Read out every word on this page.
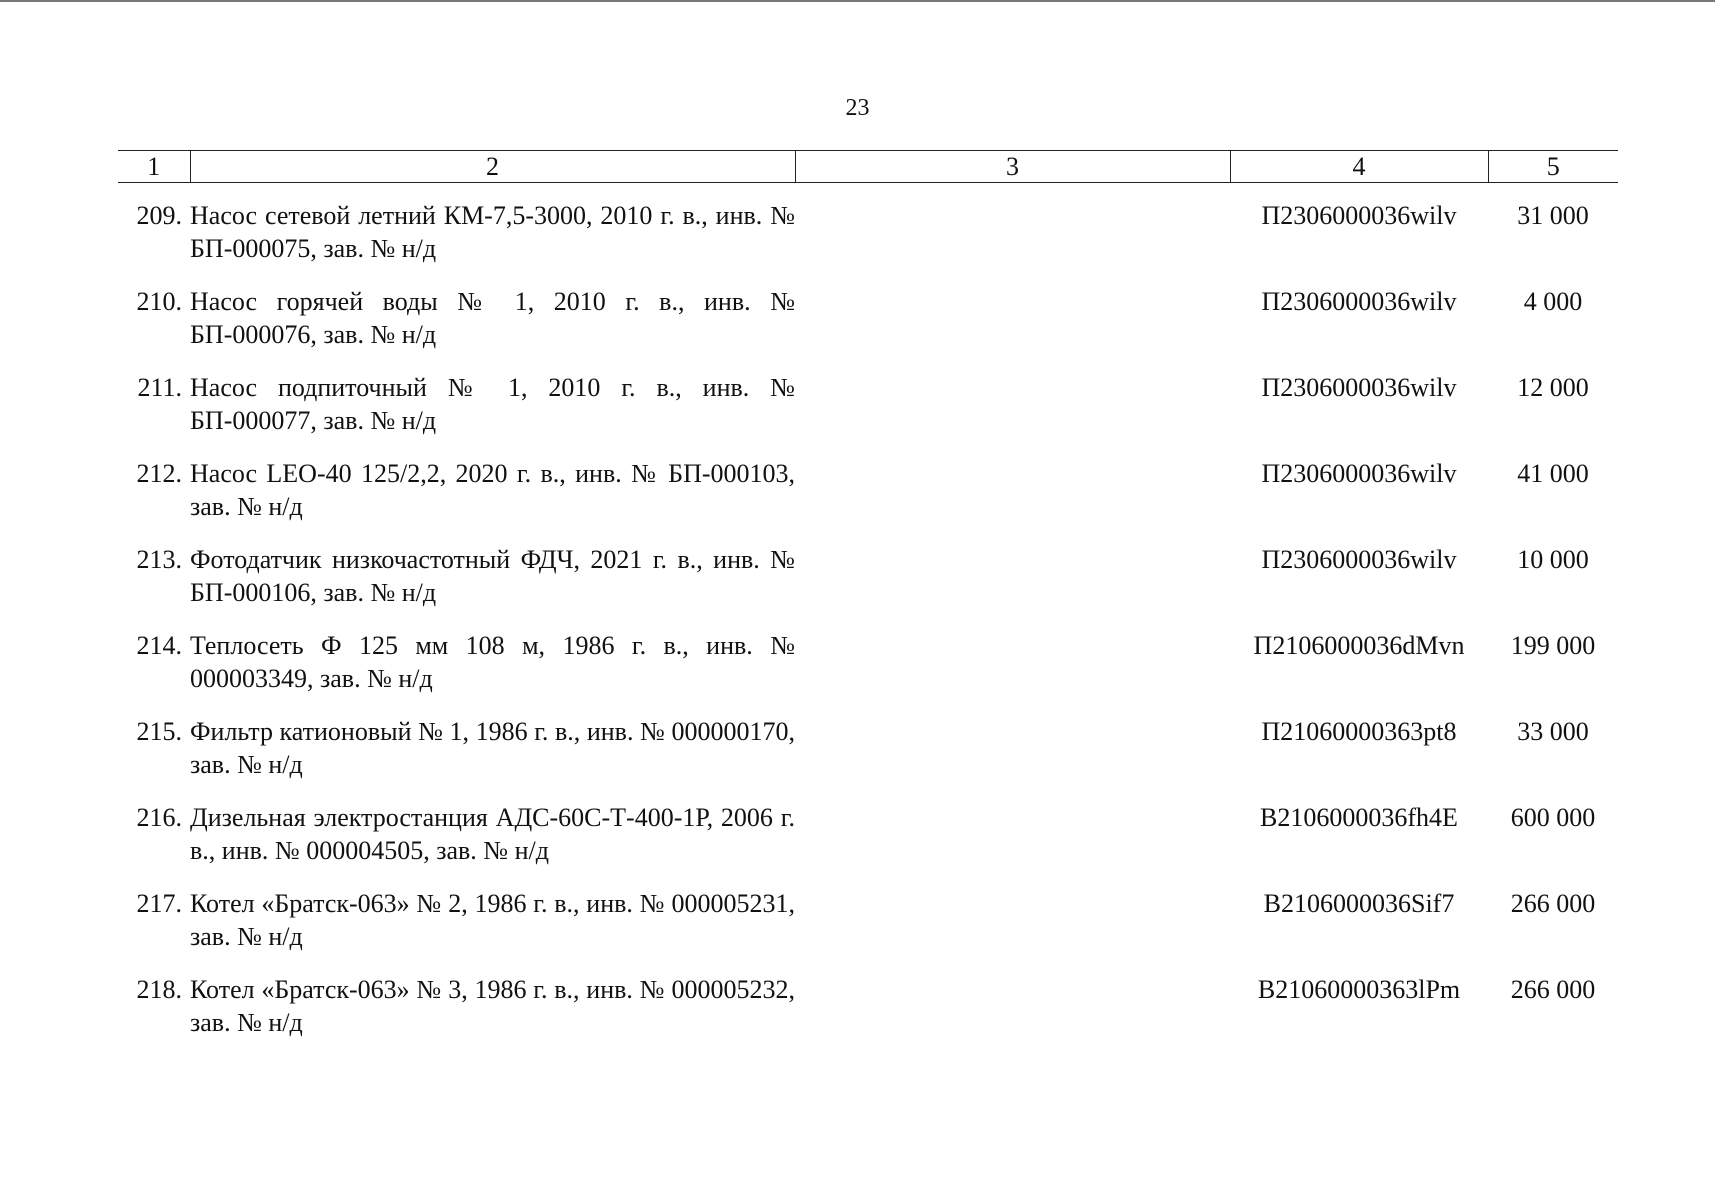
23
1	2	3	4	5
209.	Насос сетевой летний КМ-7,5-3000, 2010 г. в., инв. № БП-000075, зав. № н/д		П2306000036wilv	31 000
210.	Насос горячей воды № 1, 2010 г. в., инв. № БП-000076, зав. № н/д		П2306000036wilv	4 000
211.	Насос подпиточный № 1, 2010 г. в., инв. № БП-000077, зав. № н/д		П2306000036wilv	12 000
212.	Насос LEO-40 125/2,2, 2020 г. в., инв. № БП-000103, зав. № н/д		П2306000036wilv	41 000
213.	Фотодатчик низкочастотный ФДЧ, 2021 г. в., инв. № БП-000106, зав. № н/д		П2306000036wilv	10 000
214.	Теплосеть Ф 125 мм 108 м, 1986 г. в., инв. № 000003349, зав. № н/д		П2106000036dMvn	199 000
215.	Фильтр катионовый № 1, 1986 г. в., инв. № 000000170, зав. № н/д		П21060000363pt8	33 000
216.	Дизельная электростанция АДС-60С-Т-400-1Р, 2006 г. в., инв. № 000004505, зав. № н/д		В2106000036fh4E	600 000
217.	Котел «Братск-063» № 2, 1986 г. в., инв. № 000005231, зав. № н/д		В2106000036Sif7	266 000
218.	Котел «Братск-063» № 3, 1986 г. в., инв. № 000005232, зав. № н/д		В21060000363lPm	266 000
